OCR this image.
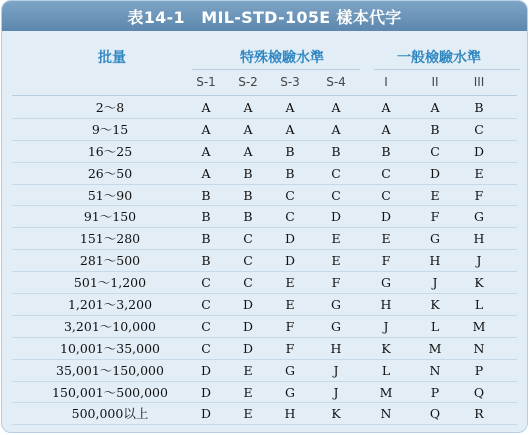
表14-1　MIL-STD-105E 樣本代字
批量	特殊檢驗水準	一般檢驗水準
S-1	S-2	S-3	S-4	I	II	III
2～8	A	A	A	A	A	A	B
9～15	A	A	A	A	A	B	C
16～25	A	A	B	B	B	C	D
26～50	A	B	B	C	C	D	E
51～90	B	B	C	C	C	E	F
91～150	B	B	C	D	D	F	G
151～280	B	C	D	E	E	G	H
281～500	B	C	D	E	F	H	J
501～1,200	C	C	E	F	G	J	K
1,201～3,200	C	D	E	G	H	K	L
3,201～10,000	C	D	F	G	J	L	M
10,001～35,000	C	D	F	H	K	M	N
35,001～150,000	D	E	G	J	L	N	P
150,001～500,000	D	E	G	J	M	P	Q
500,000以上	D	E	H	K	N	Q	R
